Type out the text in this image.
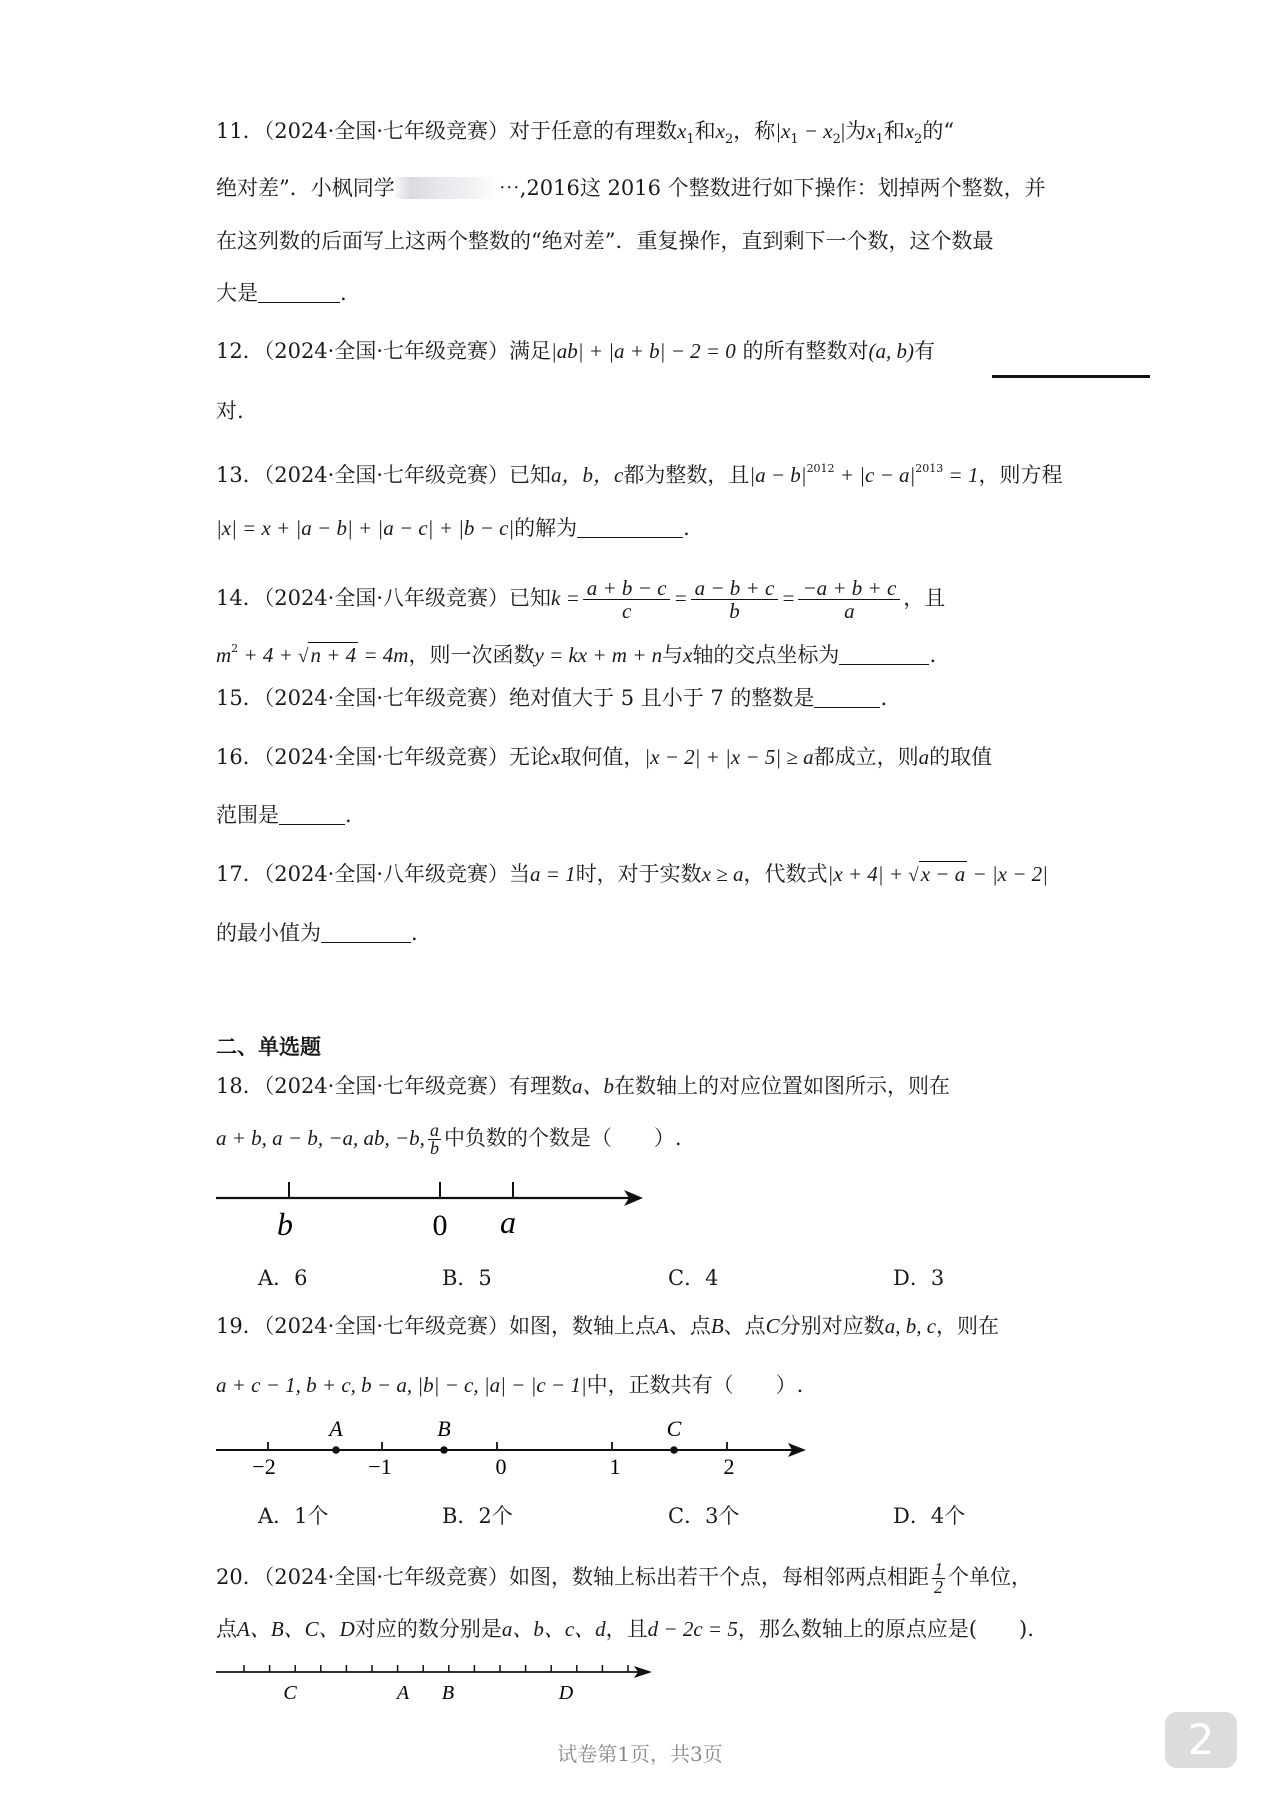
11．（2024·全国·七年级竞赛）对于任意的有理数$x_1$和$x_2$，称$|x_1 - x_2|$为$x_1$和$x_2$的“
绝对差”．小枫同学	⋯,2016这 2016 个整数进行如下操作：划掉两个整数，并
在这列数的后面写上这两个整数的“绝对差”．重复操作，直到剩下一个数，这个数最
大是	.
12．（2024·全国·七年级竞赛）满足|ab| + |a + b| − 2 = 0 的所有整数对(a, b)有
对.
13．（2024·全国·七年级竞赛）已知a，b，c都为整数，且$|a - b|^{2012} + |c - a|^{2013} = 1$，则方程
|x| = x + |a − b| + |a − c| + |b − c|的解为	.
14．（2024·全国·八年级竞赛）已知$k = \frac{a + b - c}{c} = \frac{a - b + c}{b} = \frac{-a + b + c}{a}$ ，且
$m^2 + 4 + √n + 4 = 4m$，则一次函数y = kx + m + n与x轴的交点坐标为	.
15．（2024·全国·七年级竞赛）绝对值大于 5 且小于 7 的整数是	.
16．（2024·全国·七年级竞赛）无论x取何值，|x − 2| + |x − 5| ≥ a都成立，则a的取值
范围是	.
17．（2024·全国·八年级竞赛）当a = 1时，对于实数x ≥ a，代数式|x + 4| + √x − a − |x − 2|
的最小值为	.
二、单选题
18．（2024·全国·七年级竞赛）有理数a、b在数轴上的对应位置如图所示，则在
a + b, a − b, −a, ab, −b, $\frac{a}{b}$ 中负数的个数是（　　）.
b	0 a
A．6	B．5	C．4	D．3
19．（2024·全国·七年级竞赛）如图，数轴上点A、点B、点C分别对应数a, b, c，则在
a + c − 1, b + c, b − a, |b| − c, |a| − |c − 1|中，正数共有（　　）.
A	B	C
−2	−1	0	1	2
A．1个	B．2个	C．3个	D．4个
20．（2024·全国·七年级竞赛）如图，数轴上标出若干个点，每相邻两点相距 $\frac{1}{2}$ 个单位，
点A、B、C、D对应的数分别是a、b、c、d，且d − 2c = 5，那么数轴上的原点应是(　　).
C	A B	D
试卷第1页，共3页	2
